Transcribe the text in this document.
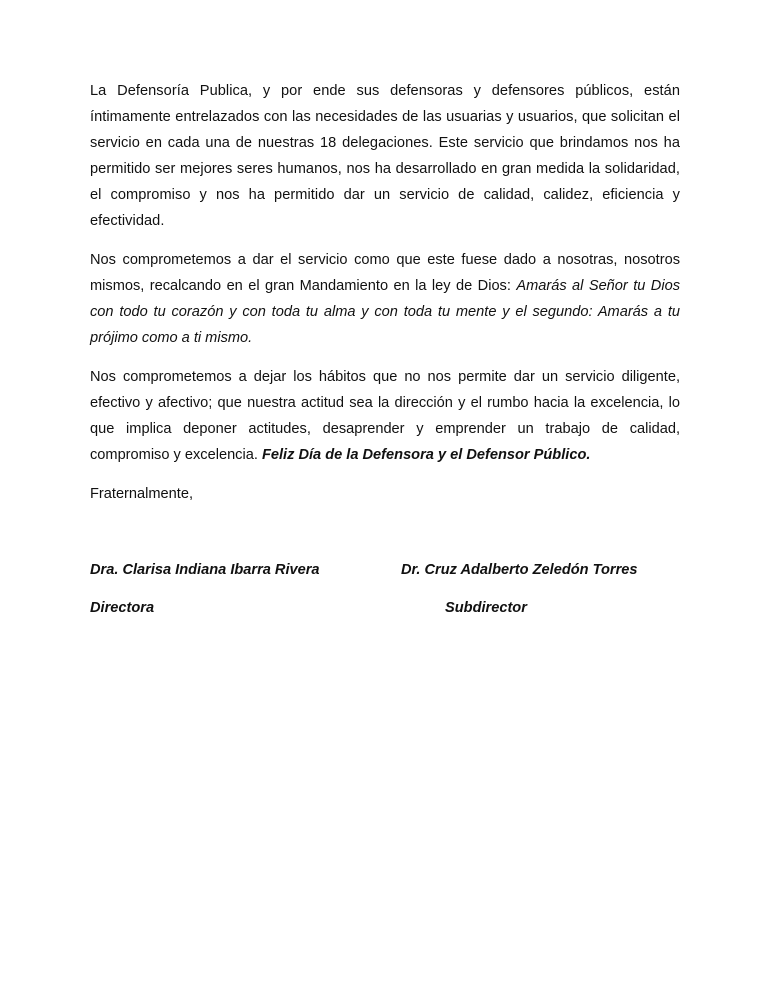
La Defensoría Publica, y por ende sus defensoras y defensores públicos, están íntimamente entrelazados con las necesidades de las usuarias y usuarios, que solicitan el servicio en cada una de nuestras 18 delegaciones. Este servicio que brindamos nos ha permitido ser mejores seres humanos, nos ha desarrollado en gran medida la solidaridad, el compromiso y nos ha permitido dar un servicio de calidad, calidez, eficiencia y efectividad.

Nos comprometemos a dar el servicio como que este fuese dado a nosotras, nosotros mismos, recalcando en el gran Mandamiento en la ley de Dios: Amarás al Señor tu Dios con todo tu corazón y con toda tu alma y con toda tu mente y el segundo: Amarás a tu prójimo como a ti mismo.

Nos comprometemos a dejar los hábitos que no nos permite dar un servicio diligente, efectivo y afectivo; que nuestra actitud sea la dirección y el rumbo hacia la excelencia, lo que implica deponer actitudes, desaprender y emprender un trabajo de calidad, compromiso y excelencia. Feliz Día de la Defensora y el Defensor Público.

Fraternalmente,

Dra. Clarisa Indiana Ibarra Rivera	Dr. Cruz Adalberto Zeledón Torres
Directora	Subdirector
